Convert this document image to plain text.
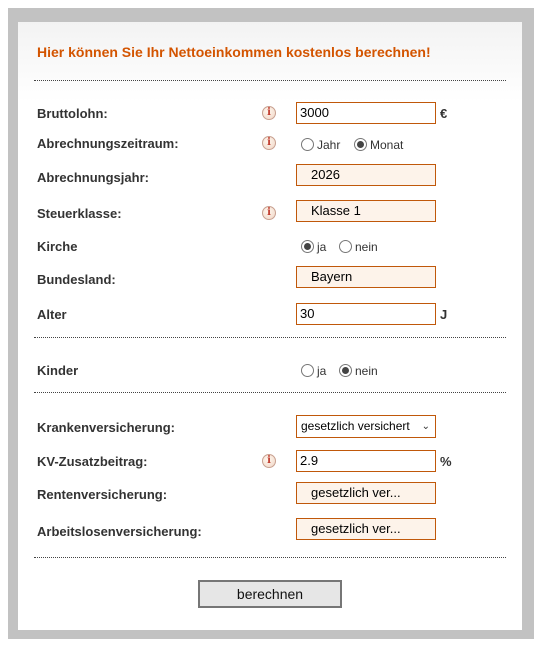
Hier können Sie Ihr Nettoeinkommen kostenlos berechnen!
Bruttolohn:	i	3000	€
Abrechnungszeitraum:	i	Jahr Monat
Abrechnungsjahr:	2026
Steuerklasse:	i	Klasse 1
Kirche	ja nein
Bundesland:	Bayern
Alter	30	J
Kinder	ja nein
Krankenversicherung:	gesetzlich versichert ⌄
KV-Zusatzbeitrag:	i	2.9	%
Rentenversicherung:	gesetzlich ver...
Arbeitslosenversicherung:	gesetzlich ver...
berechnen
